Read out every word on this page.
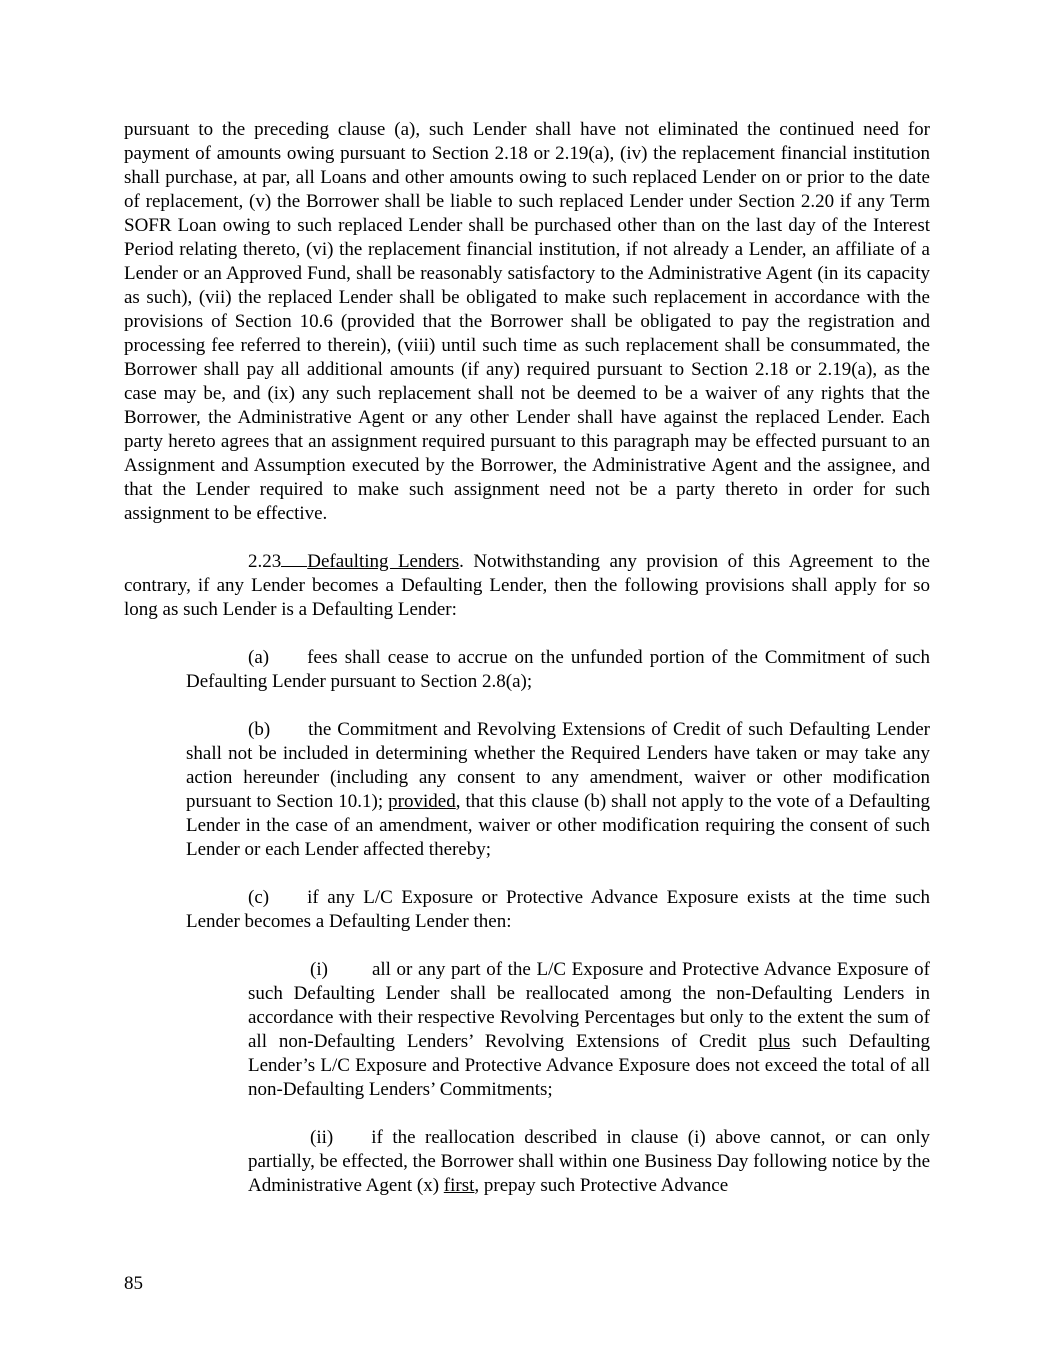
pursuant to the preceding clause (a), such Lender shall have not eliminated the continued need for payment of amounts owing pursuant to Section 2.18 or 2.19(a), (iv) the replacement financial institution shall purchase, at par, all Loans and other amounts owing to such replaced Lender on or prior to the date of replacement, (v) the Borrower shall be liable to such replaced Lender under Section 2.20 if any Term SOFR Loan owing to such replaced Lender shall be purchased other than on the last day of the Interest Period relating thereto, (vi) the replacement financial institution, if not already a Lender, an affiliate of a Lender or an Approved Fund, shall be reasonably satisfactory to the Administrative Agent (in its capacity as such), (vii) the replaced Lender shall be obligated to make such replacement in accordance with the provisions of Section 10.6 (provided that the Borrower shall be obligated to pay the registration and processing fee referred to therein), (viii) until such time as such replacement shall be consummated, the Borrower shall pay all additional amounts (if any) required pursuant to Section 2.18 or 2.19(a), as the case may be, and (ix) any such replacement shall not be deemed to be a waiver of any rights that the Borrower, the Administrative Agent or any other Lender shall have against the replaced Lender. Each party hereto agrees that an assignment required pursuant to this paragraph may be effected pursuant to an Assignment and Assumption executed by the Borrower, the Administrative Agent and the assignee, and that the Lender required to make such assignment need not be a party thereto in order for such assignment to be effective.

2.23 Defaulting Lenders. Notwithstanding any provision of this Agreement to the contrary, if any Lender becomes a Defaulting Lender, then the following provisions shall apply for so long as such Lender is a Defaulting Lender:

(a) fees shall cease to accrue on the unfunded portion of the Commitment of such Defaulting Lender pursuant to Section 2.8(a);

(b) the Commitment and Revolving Extensions of Credit of such Defaulting Lender shall not be included in determining whether the Required Lenders have taken or may take any action hereunder (including any consent to any amendment, waiver or other modification pursuant to Section 10.1); provided, that this clause (b) shall not apply to the vote of a Defaulting Lender in the case of an amendment, waiver or other modification requiring the consent of such Lender or each Lender affected thereby;

(c) if any L/C Exposure or Protective Advance Exposure exists at the time such Lender becomes a Defaulting Lender then:

(i) all or any part of the L/C Exposure and Protective Advance Exposure of such Defaulting Lender shall be reallocated among the non-Defaulting Lenders in accordance with their respective Revolving Percentages but only to the extent the sum of all non-Defaulting Lenders’ Revolving Extensions of Credit plus such Defaulting Lender’s L/C Exposure and Protective Advance Exposure does not exceed the total of all non-Defaulting Lenders’ Commitments;

(ii) if the reallocation described in clause (i) above cannot, or can only partially, be effected, the Borrower shall within one Business Day following notice by the Administrative Agent (x) first, prepay such Protective Advance

85
